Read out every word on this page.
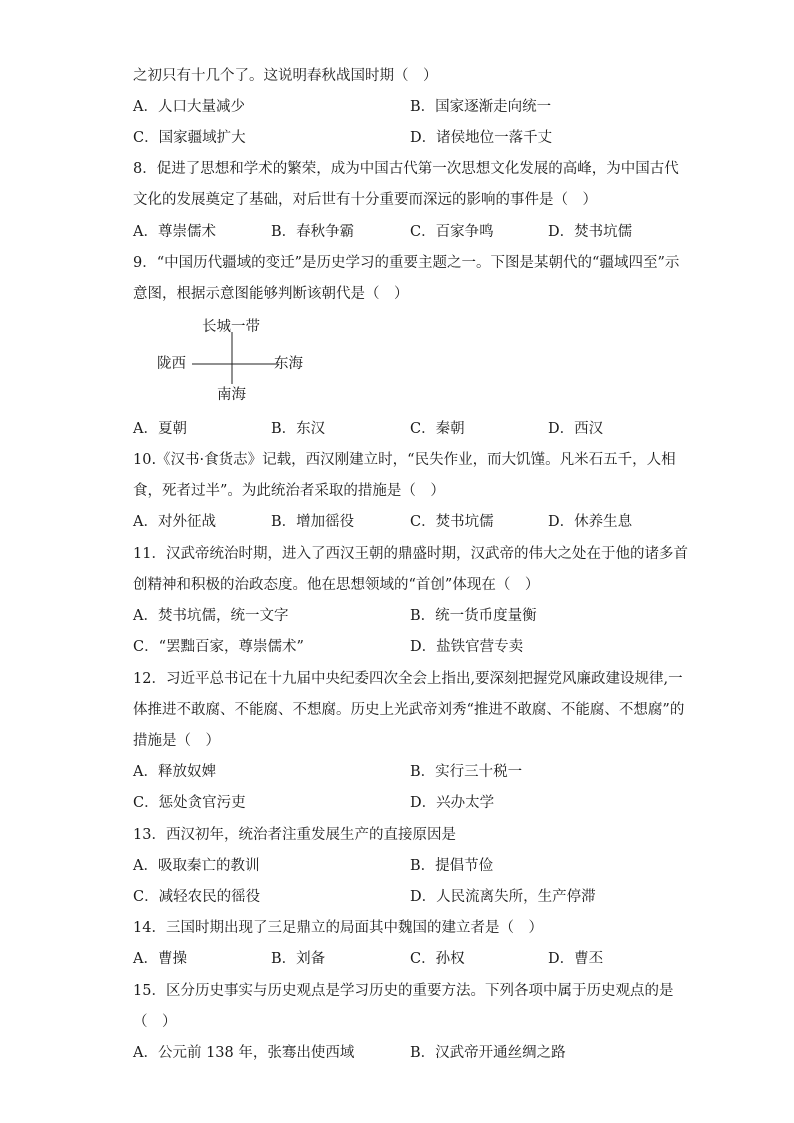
之初只有十几个了。这说明春秋战国时期（　）
A．人口大量减少	B．国家逐渐走向统一
C．国家疆域扩大	D．诸侯地位一落千丈
8．促进了思想和学术的繁荣，成为中国古代第一次思想文化发展的高峰，为中国古代
文化的发展奠定了基础，对后世有十分重要而深远的影响的事件是（　）
A．尊崇儒术	B．春秋争霸	C．百家争鸣	D．焚书坑儒
9．“中国历代疆域的变迁”是历史学习的重要主题之一。下图是某朝代的“疆域四至”示
意图，根据示意图能够判断该朝代是（　）
长城一带
陇西	东海
南海
A．夏朝	B．东汉	C．秦朝	D．西汉
10.《汉书·食货志》记载，西汉刚建立时，“民失作业，而大饥馑。凡米石五千，人相
食，死者过半”。为此统治者采取的措施是（　）
A．对外征战	B．增加徭役	C．焚书坑儒	D．休养生息
11．汉武帝统治时期，进入了西汉王朝的鼎盛时期，汉武帝的伟大之处在于他的诸多首
创精神和积极的治政态度。他在思想领域的“首创”体现在（　）
A．焚书坑儒，统一文字	B．统一货币度量衡
C．“罢黜百家，尊崇儒术”	D．盐铁官营专卖
12．习近平总书记在十九届中央纪委四次全会上指出,要深刻把握党风廉政建设规律,一
体推进不敢腐、不能腐、不想腐。历史上光武帝刘秀“推进不敢腐、不能腐、不想腐”的
措施是（　）
A．释放奴婢	B．实行三十税一
C．惩处贪官污吏	D．兴办太学
13．西汉初年，统治者注重发展生产的直接原因是
A．吸取秦亡的教训	B．提倡节俭
C．减轻农民的徭役	D．人民流离失所，生产停滞
14．三国时期出现了三足鼎立的局面其中魏国的建立者是（　）
A．曹操	B．刘备	C．孙权	D．曹丕
15．区分历史事实与历史观点是学习历史的重要方法。下列各项中属于历史观点的是
（　）
A．公元前 138 年，张骞出使西域	B．汉武帝开通丝绸之路
